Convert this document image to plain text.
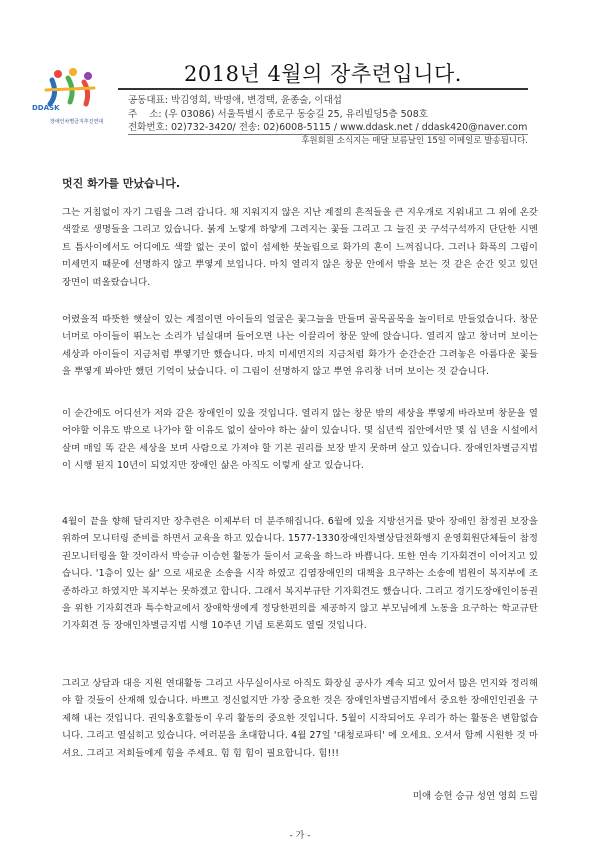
DDASK
장애인차별금지추진연대
2018년 4월의 장추련입니다.
공동대표: 박김영희, 박명애, 변경택, 윤종술, 이대섭
주    소: (우 03086) 서울특별시 종로구 동숭길 25, 유리빌딩5층 508호
전화번호: 02)732-3420/ 전송: 02)6008-5115 / www.ddask.net / ddask420@naver.com
후원회원 소식지는 매달 보름날인 15일 이메일로 발송됩니다.
멋진 화가를 만났습니다.

그는 거침없이 자기 그림을 그려 갑니다. 채 지워지지 않은 지난 계절의 흔적들을 큰 지우개로 지워내고 그 위에 온갖 색깔로 생명들을 그리고 있습니다. 붉게 노랗게 하얗게 그려지는 꽃들 그리고 그 늘진 곳 구석구석까지 단단한 시멘트 틈사이에서도 어디에도 색깔 없는 곳이 없이 섬세한 붓놀림으로 화가의 혼이 느껴집니다. 그러나 화폭의 그림이 미세먼지 때문에 선명하지 않고 뿌옇게 보입니다. 마치 열리지 않은 창문 안에서 밖을 보는 것 같은 순간 잊고 있던 장면이 떠올랐습니다.

어렸을적 따뜻한 햇살이 있는 계절이면 아이들의 얼굴은 꽃그늘을 만들며 골목골목을 놀이터로 만들었습니다. 창문너머로 아이들이 뛰노는 소리가 넘실대며 들어오면 나는 이끌리어 창문 앞에 앉습니다. 열리지 않고 창너머 보이는 세상과 아이들이 지금처럼 뿌옇기만 했습니다. 마치 미세먼지의 지금처럼 화가가 순간순간 그려놓은 아름다운 꽃들을 뿌옇게 봐야만 했던 기억이 났습니다. 이 그림이 선명하지 않고 뿌연 유리창 너머 보이는 것 같습니다.

이 순간에도 어디선가 저와 같은 장애인이 있을 것입니다. 열리지 않는 창문 밖의 세상을 뿌옇게 바라보며 창문을 열어야할 이유도 밖으로 나가야 할 이유도 없이 살아야 하는 삶이 있습니다. 몇 십년씩 집안에서만 몇 십 년을 시설에서 살며 매일 똑 같은 세상을 보며 사람으로 가져야 할 기본 권리를 보장 받지 못하며 살고 있습니다. 장애인차별금지법이 시행 된지 10년이 되었지만 장애인 삶은 아직도 이렇게 살고 있습니다.

4월이 끝을 향해 달리지만 장추련은 이제부터 더 분주해집니다. 6월에 있을 지방선거를 맞아 장애인 참정권 보장을 위하여 모니터링 준비를 하면서 교육을 하고 있습니다. 1577-1330장애인차별상담전화행지 운영회원단체들이 참정권모니터링을 할 것이라서 박승규 이승헌 활동가 둘이서 교육을 하느라 바쁩니다. 또한 연속 기자회견이 이어지고 있습니다. '1층이 있는 삶' 으로 새로운 소송을 시작 하였고 김염장애인의 대책을 요구하는 소송에 법원이 복지부에 조종하라고 하였지만 복지부는 못하겠고 합니다. 그래서 복지부규탄 기자회견도 했습니다. 그리고 경기도장애인이동권을 위한 기자회견과 특수학교에서 장애학생에게 정당한편의를 제공하지 않고 부모님에게 노동을 요구하는 학교규탄 기자회견 등 장애인차별금지법 시행 10주년 기념 토론회도 열릴 것입니다.

그리고 상담과 대응 지원 연대활동 그리고 사무실이사로 아직도 화장실 공사가 계속 되고 있어서 많은 먼지와 정리해야 할 것들이 산재해 있습니다. 바쁘고 정신없지만 가장 중요한 것은 장애인차별금지법에서 중요한 장애인인권을 구제해 내는 것입니다. 권익옹호활동이 우리 활동의 중요한 것입니다. 5월이 시작되어도 우리가 하는 활동은 변함없습니다. 그리고 열심히고 있습니다. 여러분을 초대합니다. 4월 27일 '대청로파티' 에 오세요. 오셔서 함께 시원한 것 마셔요. 그리고 저희들에게 힘을 주세요. 힘 힘 힘이 필요합니다. 힘!!!

미애 승헌 승규 성연 영희 드림
- 가 -
